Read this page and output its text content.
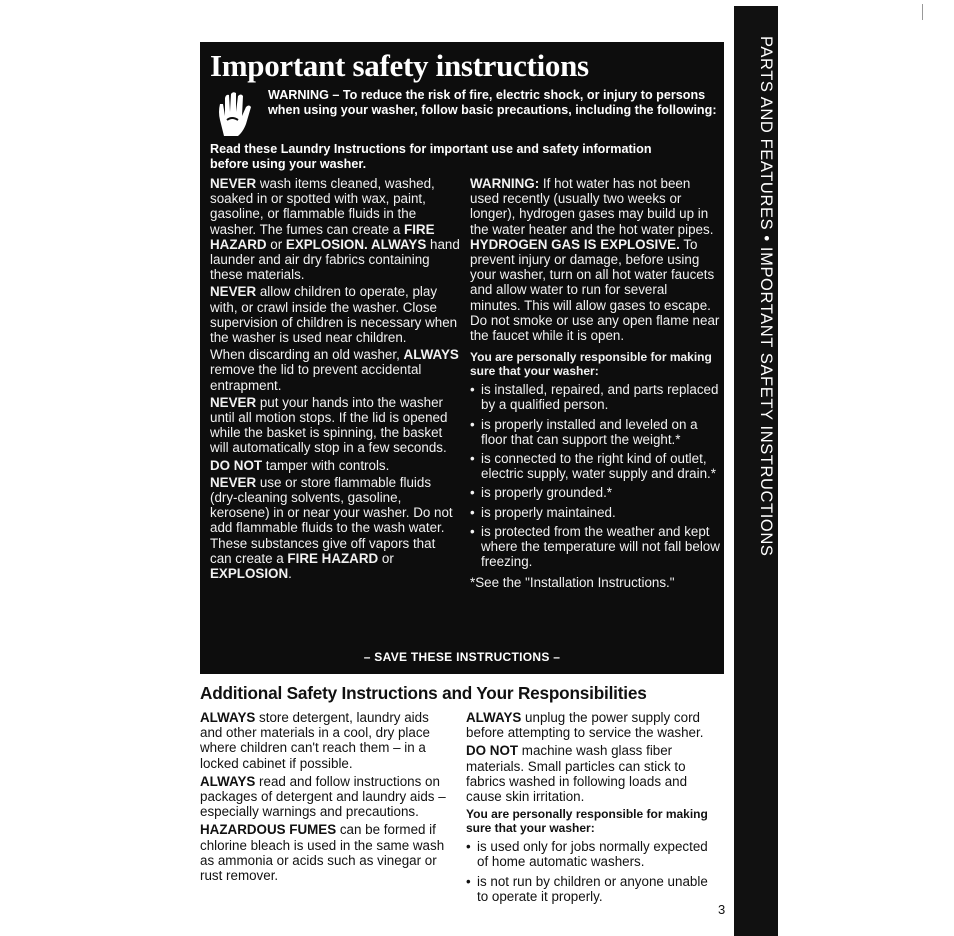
PARTS AND FEATURES • IMPORTANT SAFETY INSTRUCTIONS
Important safety instructions
WARNING – To reduce the risk of fire, electric shock, or injury to persons when using your washer, follow basic precautions, including the following:
Read these Laundry Instructions for important use and safety information before using your washer.

NEVER wash items cleaned, washed, soaked in or spotted with wax, paint, gasoline, or flammable fluids in the washer. The fumes can create a FIRE HAZARD or EXPLOSION. ALWAYS hand launder and air dry fabrics containing these materials.

NEVER allow children to operate, play with, or crawl inside the washer. Close supervision of children is necessary when the washer is used near children.

When discarding an old washer, ALWAYS remove the lid to prevent accidental entrapment.

NEVER put your hands into the washer until all motion stops. If the lid is opened while the basket is spinning, the basket will automatically stop in a few seconds.

DO NOT tamper with controls.

NEVER use or store flammable fluids (dry-cleaning solvents, gasoline, kerosene) in or near your washer. Do not add flammable fluids to the wash water. These substances give off vapors that can create a FIRE HAZARD or EXPLOSION.

WARNING: If hot water has not been used recently (usually two weeks or longer), hydrogen gases may build up in the water heater and the hot water pipes. HYDROGEN GAS IS EXPLOSIVE. To prevent injury or damage, before using your washer, turn on all hot water faucets and allow water to run for several minutes. This will allow gases to escape. Do not smoke or use any open flame near the faucet while it is open.

You are personally responsible for making sure that your washer:
• is installed, repaired, and parts replaced by a qualified person.
• is properly installed and leveled on a floor that can support the weight.*
• is connected to the right kind of outlet, electric supply, water supply and drain.*
• is properly grounded.*
• is properly maintained.
• is protected from the weather and kept where the temperature will not fall below freezing.
*See the "Installation Instructions."
– SAVE THESE INSTRUCTIONS –
Additional Safety Instructions and Your Responsibilities

ALWAYS store detergent, laundry aids and other materials in a cool, dry place where children can't reach them – in a locked cabinet if possible.

ALWAYS read and follow instructions on packages of detergent and laundry aids – especially warnings and precautions.

HAZARDOUS FUMES can be formed if chlorine bleach is used in the same wash as ammonia or acids such as vinegar or rust remover.

ALWAYS unplug the power supply cord before attempting to service the washer.

DO NOT machine wash glass fiber materials. Small particles can stick to fabrics washed in following loads and cause skin irritation.

You are personally responsible for making sure that your washer:
• is used only for jobs normally expected of home automatic washers.
• is not run by children or anyone unable to operate it properly.
3
